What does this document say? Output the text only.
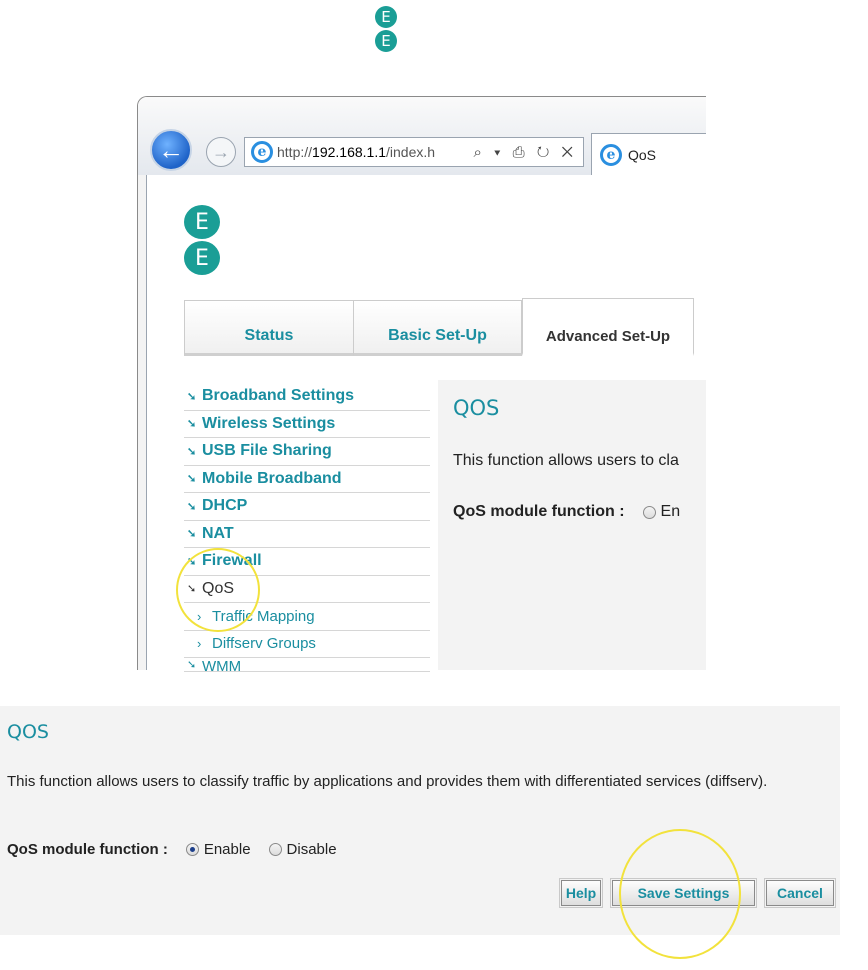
E
E
←	→	e http:// 192.168.1.1 /index.h	⌕ ▾ ⎙ ↻ ✕	e QoS
E
E
Status	Basic Set-Up	Advanced Set-Up
➘ Broadband Settings
➘ Wireless Settings
➘ USB File Sharing
➘ Mobile Broadband
➘ DHCP
➘ NAT
➘ Firewall
➘ QoS
› Traffic Mapping
› Diffserv Groups
➘ WMM
QOS
This function allows users to cla
QoS module function : En
QOS
This function allows users to classify traffic by applications and provides them with differentiated services (diffserv).
QoS module function : Enable Disable
Help	Save Settings	Cancel
